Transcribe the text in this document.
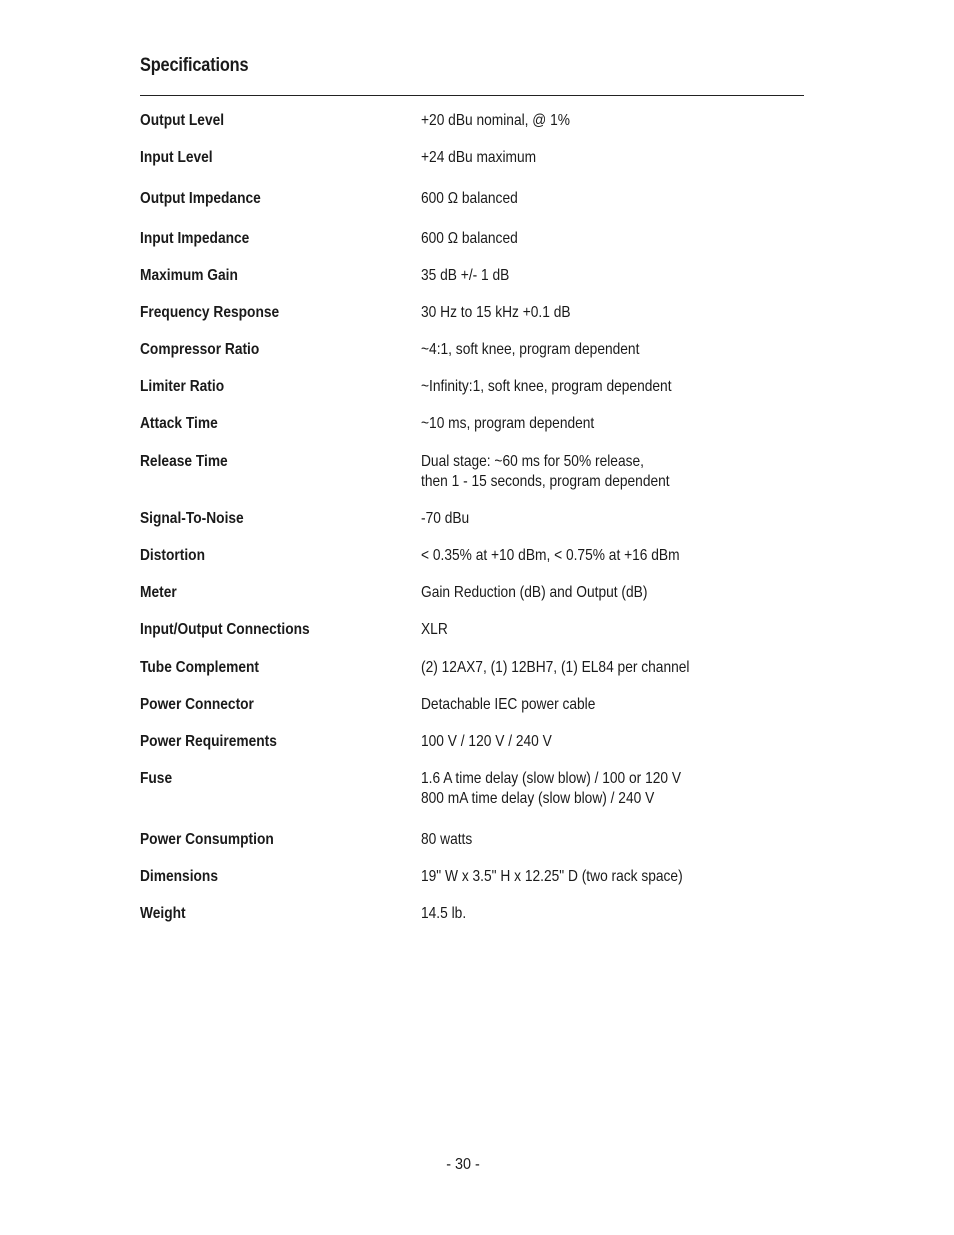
Specifications
Output Level	+20 dBu nominal, @ 1%
Input Level	+24 dBu maximum
Output Impedance	600 Ω balanced
Input Impedance	600 Ω balanced
Maximum Gain	35 dB +/- 1 dB
Frequency Response	30 Hz to 15 kHz +0.1 dB
Compressor Ratio	~4:1, soft knee, program dependent
Limiter Ratio	~Infinity:1, soft knee, program dependent
Attack Time	~10 ms, program dependent
Release Time	Dual stage: ~60 ms for 50% release,
then 1 - 15 seconds, program dependent
Signal-To-Noise	-70 dBu
Distortion	< 0.35% at +10 dBm, < 0.75% at +16 dBm
Meter	Gain Reduction (dB) and Output (dB)
Input/Output Connections	XLR
Tube Complement	(2) 12AX7, (1) 12BH7, (1) EL84 per channel
Power Connector	Detachable IEC power cable
Power Requirements	100 V / 120 V / 240 V
Fuse	1.6 A time delay (slow blow) / 100 or 120 V
800 mA time delay (slow blow) / 240 V
Power Consumption	80 watts
Dimensions	19" W x 3.5" H x 12.25" D (two rack space)
Weight	14.5 lb.
- 30 -
